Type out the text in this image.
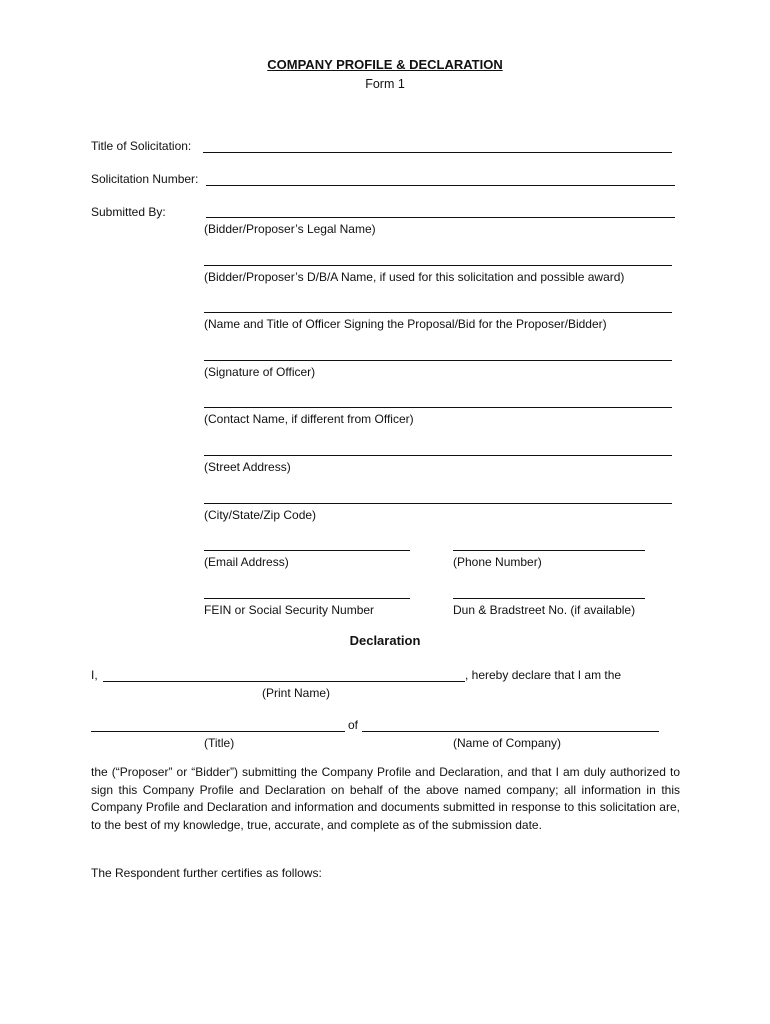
COMPANY PROFILE & DECLARATION
Form 1
Title of Solicitation:
Solicitation Number:
Submitted By:
(Bidder/Proposer’s Legal Name)
(Bidder/Proposer’s D/B/A Name, if used for this solicitation and possible award)
(Name and Title of Officer Signing the Proposal/Bid for the Proposer/Bidder)
(Signature of Officer)
(Contact Name, if different from Officer)
(Street Address)
(City/State/Zip Code)
(Email Address)	(Phone Number)
FEIN or Social Security Number	Dun & Bradstreet No. (if available)
Declaration
I,	, hereby declare that I am the
(Print Name)
of
(Title)	(Name of Company)
the (“Proposer” or “Bidder”) submitting the Company Profile and Declaration, and that I am duly authorized to sign this Company Profile and Declaration on behalf of the above named company; all information in this Company Profile and Declaration and information and documents submitted in response to this solicitation are, to the best of my knowledge, true, accurate, and complete as of the submission date.
The Respondent further certifies as follows:
